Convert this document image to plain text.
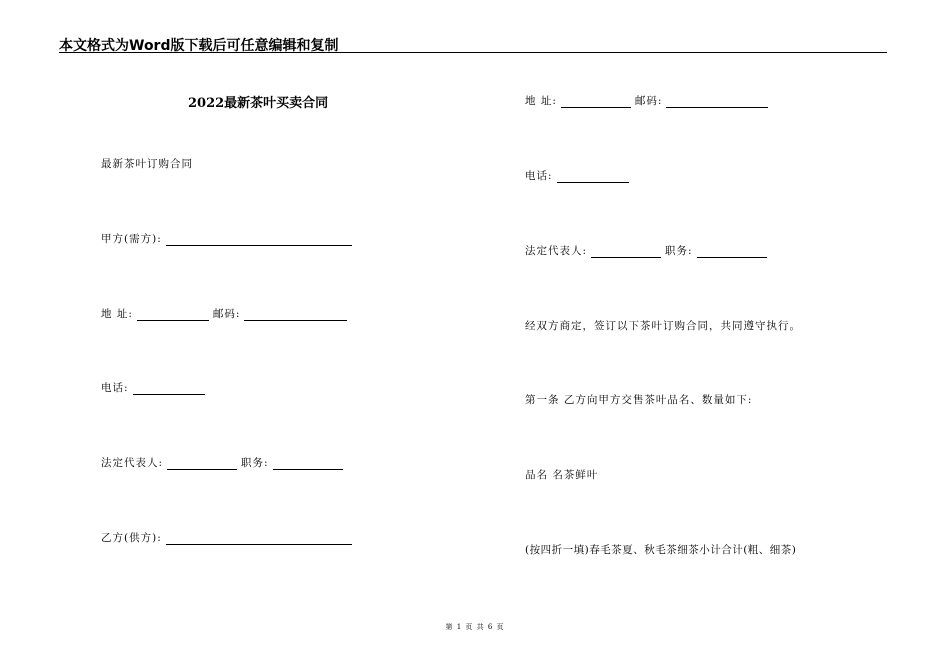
本文格式为Word版下载后可任意编辑和复制
2022最新茶叶买卖合同
最新茶叶订购合同
甲方(需方):
地 址:	邮码:
电话:
法定代表人:	职务:
乙方(供方):
地 址:	邮码:
电话:
法定代表人:	职务:
经双方商定，签订以下茶叶订购合同，共同遵守执行。
第一条 乙方向甲方交售茶叶品名、数量如下:
品名 名茶鲜叶
(按四折一填)春毛茶夏、秋毛茶细茶小计合计(粗、细茶)
第 1 页 共 6 页
